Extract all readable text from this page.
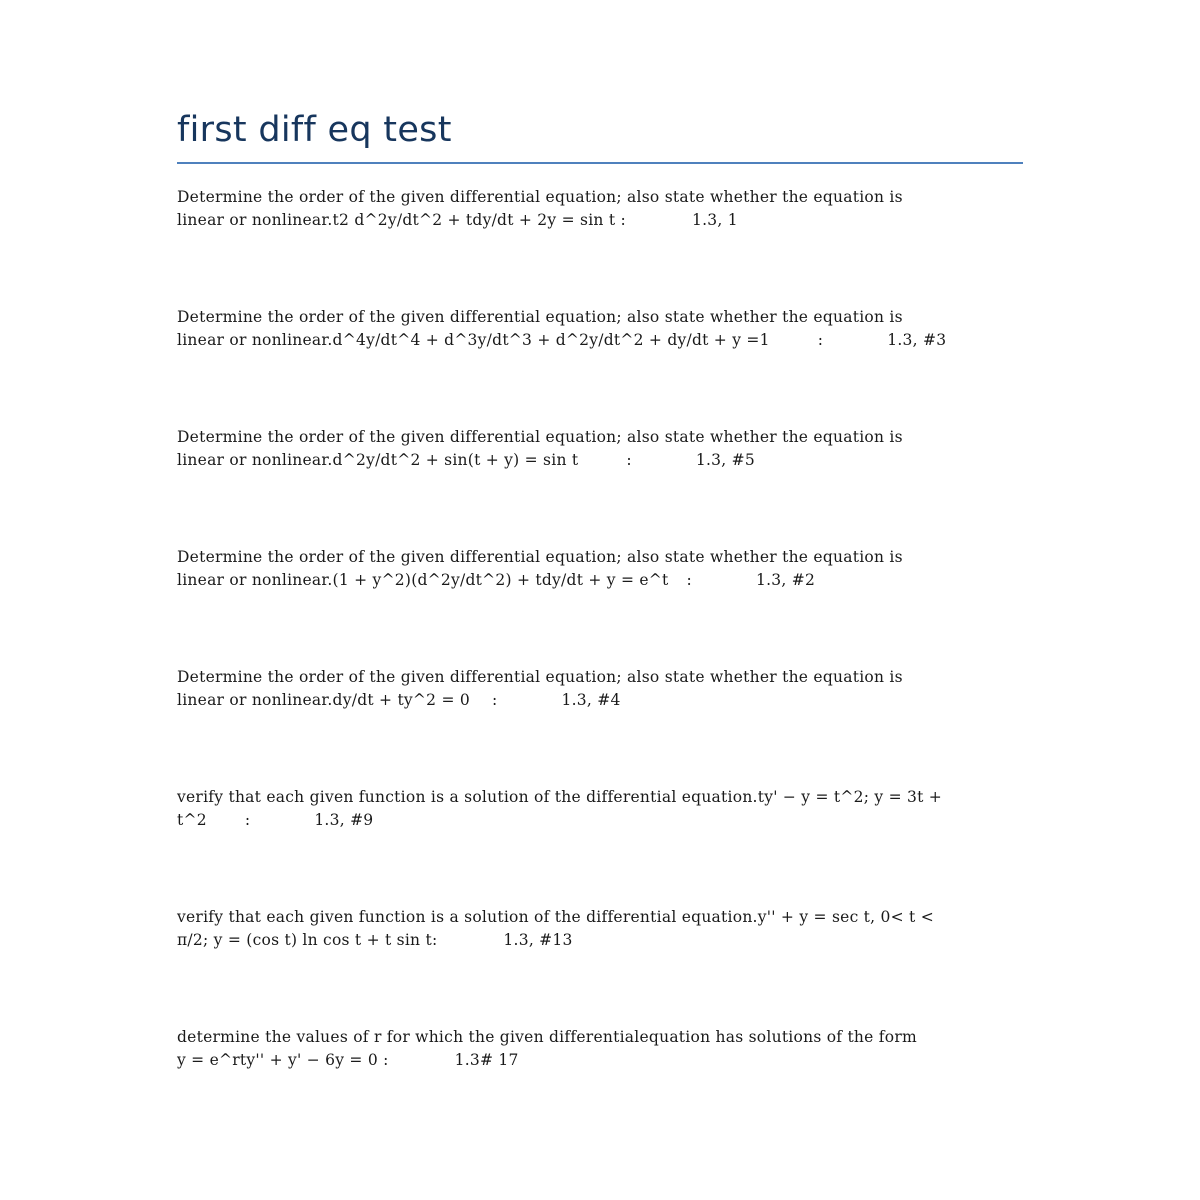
first diff eq test
Determine the order of the given differential equation; also state whether the equation is
linear or nonlinear.t2 d^2y/dt^2 + tdy/dt + 2y = sin t :	1.3, 1
Determine the order of the given differential equation; also state whether the equation is
linear or nonlinear.d^4y/dt^4 + d^3y/dt^3 + d^2y/dt^2 + dy/dt + y =1	:	1.3, #3
Determine the order of the given differential equation; also state whether the equation is
linear or nonlinear.d^2y/dt^2 + sin(t + y) = sin t	:	1.3, #5
Determine the order of the given differential equation; also state whether the equation is
linear or nonlinear.(1 + y^2)(d^2y/dt^2) + tdy/dt + y = e^t :	1.3, #2
Determine the order of the given differential equation; also state whether the equation is
linear or nonlinear.dy/dt + ty^2 = 0 :	1.3, #4
verify that each given function is a solution of the differential equation.ty' − y = t^2; y = 3t +
t^2 :	1.3, #9
verify that each given function is a solution of the differential equation.y'' + y = sec t, 0< t <
π/2; y = (cos t) ln cos t + t sin t:	1.3, #13
determine the values of r for which the given differentialequation has solutions of the form
y = e^rty'' + y' − 6y = 0 :	1.3# 17
